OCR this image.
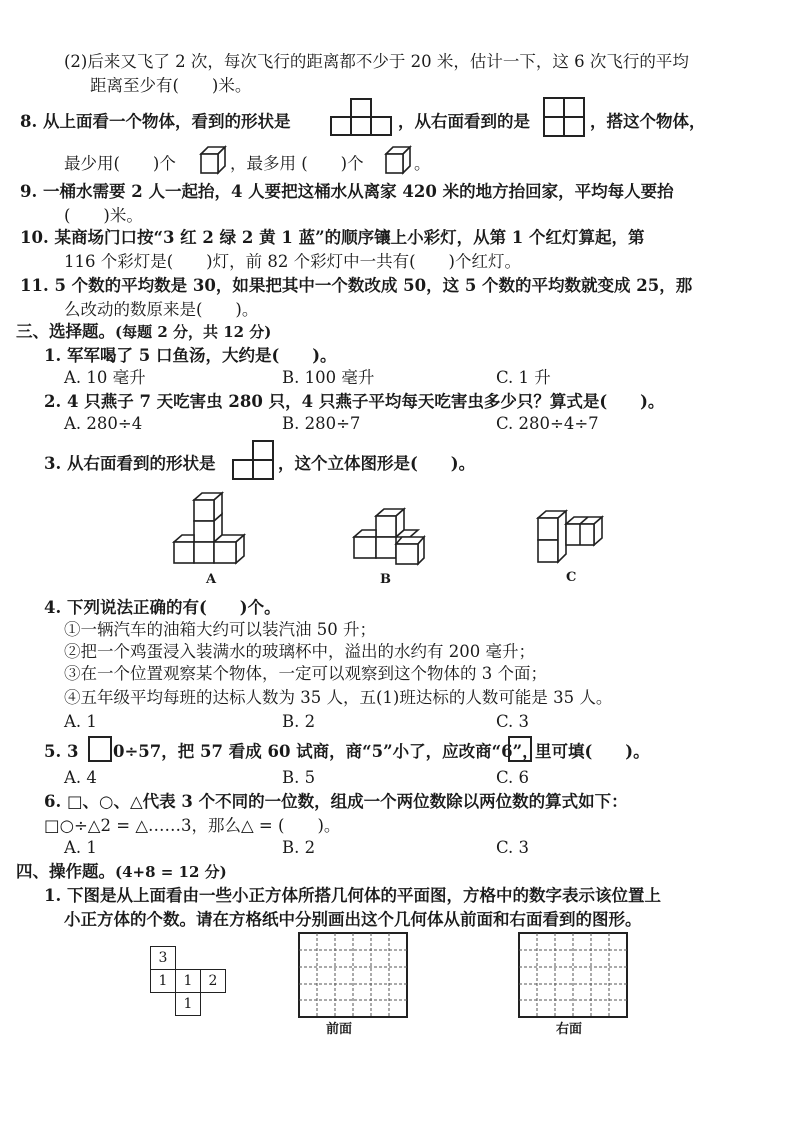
(2)后来又飞了 2 次，每次飞行的距离都不少于 20 米，估计一下，这 6 次飞行的平均
距离至少有(　　)米。
8. 从上面看一个物体，看到的形状是	，从右面看到的是	，搭这个物体，
最少用(　　)个	，最多用 (　　)个	。
9. 一桶水需要 2 人一起抬，4 人要把这桶水从离家 420 米的地方抬回家，平均每人要抬
(　　)米。
10. 某商场门口按“3 红 2 绿 2 黄 1 蓝”的顺序镶上小彩灯，从第 1 个红灯算起，第
116 个彩灯是(　　)灯，前 82 个彩灯中一共有(　　)个红灯。
11. 5 个数的平均数是 30，如果把其中一个数改成 50，这 5 个数的平均数就变成 25，那
么改动的数原来是(　　)。
三、选择题。(每题 2 分，共 12 分)
1. 军军喝了 5 口鱼汤，大约是(　　)。
A. 10 毫升	B. 100 毫升	C. 1 升
2. 4 只燕子 7 天吃害虫 280 只，4 只燕子平均每天吃害虫多少只？算式是(　　)。
A. 280÷4	B. 280÷7	C. 280÷4÷7
3. 从右面看到的形状是	，这个立体图形是(　　)。
A	B	C
4. 下列说法正确的有(　　)个。
①一辆汽车的油箱大约可以装汽油 50 升；
②把一个鸡蛋浸入装满水的玻璃杯中，溢出的水约有 200 毫升；
③在一个位置观察某个物体，一定可以观察到这个物体的 3 个面；
④五年级平均每班的达标人数为 35 人，五(1)班达标的人数可能是 35 人。
A. 1	B. 2	C. 3
5. 3 0÷57，把 57 看成 60 试商，商“5”小了，应改商“6”，
里可填(　　)。
A. 4	B. 5	C. 6
6. □、○、△代表 3 个不同的一位数，组成一个两位数除以两位数的算式如下：
□○÷△2 = △……3，那么△ = (　　)。
A. 1	B. 2	C. 3
四、操作题。(4+8 = 12 分)
1. 下图是从上面看由一些小正方体所搭几何体的平面图，方格中的数字表示该位置上
小正方体的个数。请在方格纸中分别画出这个几何体从前面和右面看到的图形。
3		
1	1	2
	1	
前面	右面
